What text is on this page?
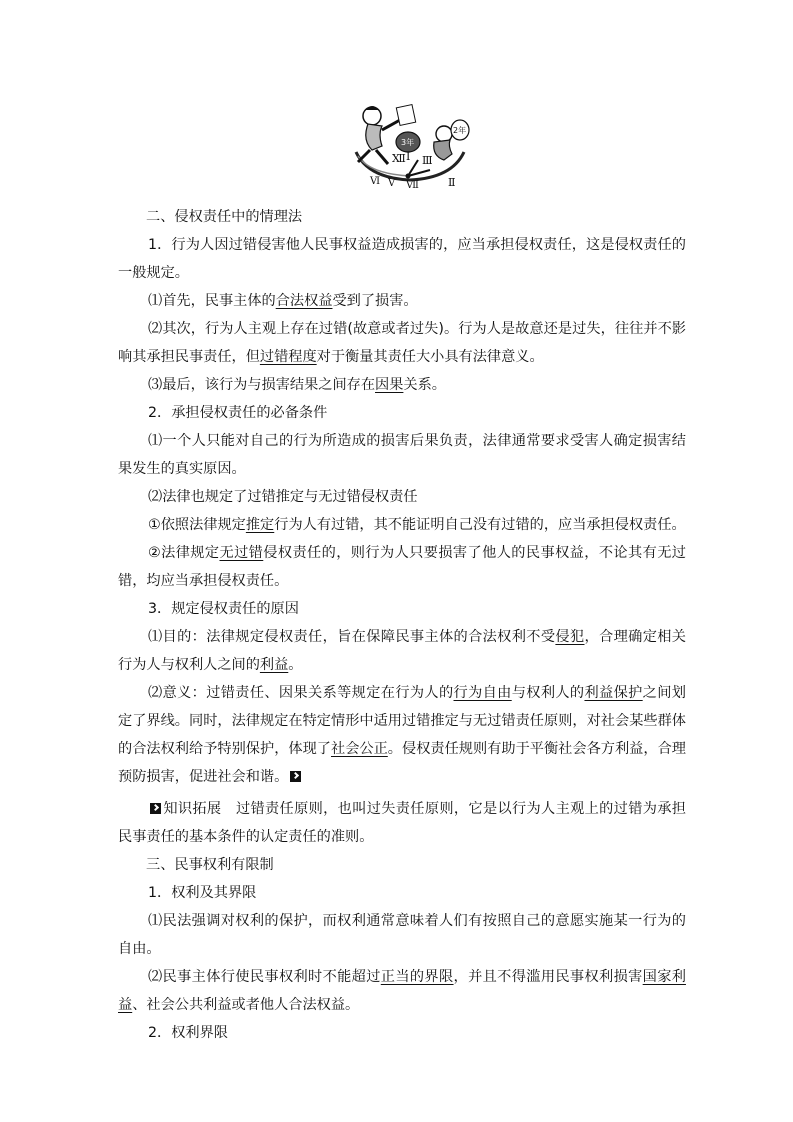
3年
2年
Ⅻ Ⅰ
Ⅱ
Ⅲ
Ⅴ
Ⅵ	Ⅶ

二、侵权责任中的情理法

1．行为人因过错侵害他人民事权益造成损害的，应当承担侵权责任，这是侵权责任的一般规定。

⑴首先，民事主体的合法权益受到了损害。

⑵其次，行为人主观上存在过错(故意或者过失)。行为人是故意还是过失，往往并不影响其承担民事责任，但过错程度对于衡量其责任大小具有法律意义。

⑶最后，该行为与损害结果之间存在因果关系。

2．承担侵权责任的必备条件

⑴一个人只能对自己的行为所造成的损害后果负责，法律通常要求受害人确定损害结果发生的真实原因。

⑵法律也规定了过错推定与无过错侵权责任

①依照法律规定推定行为人有过错，其不能证明自己没有过错的，应当承担侵权责任。

②法律规定无过错侵权责任的，则行为人只要损害了他人的民事权益，不论其有无过错，均应当承担侵权责任。

3．规定侵权责任的原因

⑴目的：法律规定侵权责任，旨在保障民事主体的合法权利不受侵犯，合理确定相关行为人与权利人之间的利益。

⑵意义：过错责任、因果关系等规定在行为人的行为自由与权利人的利益保护之间划定了界线。同时，法律规定在特定情形中适用过错推定与无过错责任原则，对社会某些群体的合法权利给予特别保护，体现了社会公正。侵权责任规则有助于平衡社会各方利益，合理预防损害，促进社会和谐。

知识拓展　过错责任原则，也叫过失责任原则，它是以行为人主观上的过错为承担民事责任的基本条件的认定责任的准则。

三、民事权利有限制

1．权利及其界限

⑴民法强调对权利的保护，而权利通常意味着人们有按照自己的意愿实施某一行为的自由。

⑵民事主体行使民事权利时不能超过正当的界限，并且不得滥用民事权利损害国家利益、社会公共利益或者他人合法权益。

2．权利界限
